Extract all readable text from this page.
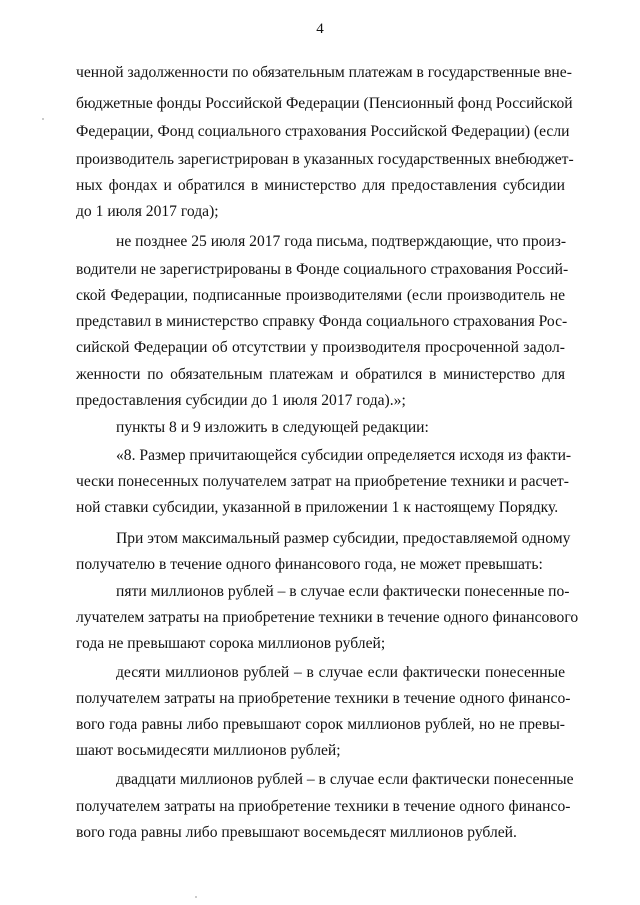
4
ченной задолженности по обязательным платежам в государственные вне-
бюджетные фонды Российской Федерации (Пенсионный фонд Российской
Федерации, Фонд социального страхования Российской Федерации) (если
производитель зарегистрирован в указанных государственных внебюджет-
ных фондах и обратился в министерство для предоставления субсидии
до 1 июля 2017 года);
не позднее 25 июля 2017 года письма, подтверждающие, что произ-
водители не зарегистрированы в Фонде социального страхования Россий-
ской Федерации, подписанные производителями (если производитель не
представил в министерство справку Фонда социального страхования Рос-
сийской Федерации об отсутствии у производителя просроченной задол-
женности по обязательным платежам и обратился в министерство для
предоставления субсидии до 1 июля 2017 года).»;
пункты 8 и 9 изложить в следующей редакции:
«8. Размер причитающейся субсидии определяется исходя из факти-
чески понесенных получателем затрат на приобретение техники и расчет-
ной ставки субсидии, указанной в приложении 1 к настоящему Порядку.
При этом максимальный размер субсидии, предоставляемой одному
получателю в течение одного финансового года, не может превышать:
пяти миллионов рублей – в случае если фактически понесенные по-
лучателем затраты на приобретение техники в течение одного финансового
года не превышают сорока миллионов рублей;
десяти миллионов рублей – в случае если фактически понесенные
получателем затраты на приобретение техники в течение одного финансо-
вого года равны либо превышают сорок миллионов рублей, но не превы-
шают восьмидесяти миллионов рублей;
двадцати миллионов рублей – в случае если фактически понесенные
получателем затраты на приобретение техники в течение одного финансо-
вого года равны либо превышают восемьдесят миллионов рублей.
